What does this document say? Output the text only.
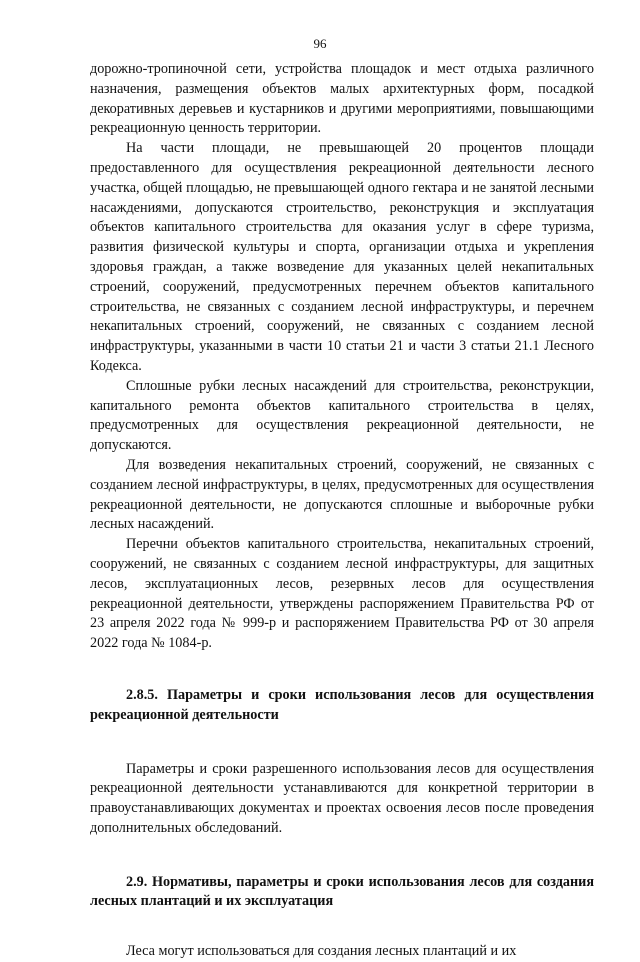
96

дорожно-тропиночной сети, устройства площадок и мест отдыха различного назначения, размещения объектов малых архитектурных форм, посадкой декоративных деревьев и кустарников и другими мероприятиями, повышающими рекреационную ценность территории.

На части площади, не превышающей 20 процентов площади предоставленного для осуществления рекреационной деятельности лесного участка, общей площадью, не превышающей одного гектара и не занятой лесными насаждениями, допускаются строительство, реконструкция и эксплуатация объектов капитального строительства для оказания услуг в сфере туризма, развития физической культуры и спорта, организации отдыха и укрепления здоровья граждан, а также возведение для указанных целей некапитальных строений, сооружений, предусмотренных перечнем объектов капитального строительства, не связанных с созданием лесной инфраструктуры, и перечнем некапитальных строений, сооружений, не связанных с созданием лесной инфраструктуры, указанными в части 10 статьи 21 и части 3 статьи 21.1 Лесного Кодекса.

Сплошные рубки лесных насаждений для строительства, реконструкции, капитального ремонта объектов капитального строительства в целях, предусмотренных для осуществления рекреационной деятельности, не допускаются.

Для возведения некапитальных строений, сооружений, не связанных с созданием лесной инфраструктуры, в целях, предусмотренных для осуществления рекреационной деятельности, не допускаются сплошные и выборочные рубки лесных насаждений.

Перечни объектов капитального строительства, некапитальных строений, сооружений, не связанных с созданием лесной инфраструктуры, для защитных лесов, эксплуатационных лесов, резервных лесов для осуществления рекреационной деятельности, утверждены распоряжением Правительства РФ от 23 апреля 2022 года № 999-р и распоряжением Правительства РФ от 30 апреля 2022 года № 1084-р.

2.8.5. Параметры и сроки использования лесов для осуществления рекреационной деятельности

Параметры и сроки разрешенного использования лесов для осуществления рекреационной деятельности устанавливаются для конкретной территории в правоустанавливающих документах и проектах освоения лесов после проведения дополнительных обследований.

2.9. Нормативы, параметры и сроки использования лесов для создания лесных плантаций и их эксплуатация

Леса могут использоваться для создания лесных плантаций и их
